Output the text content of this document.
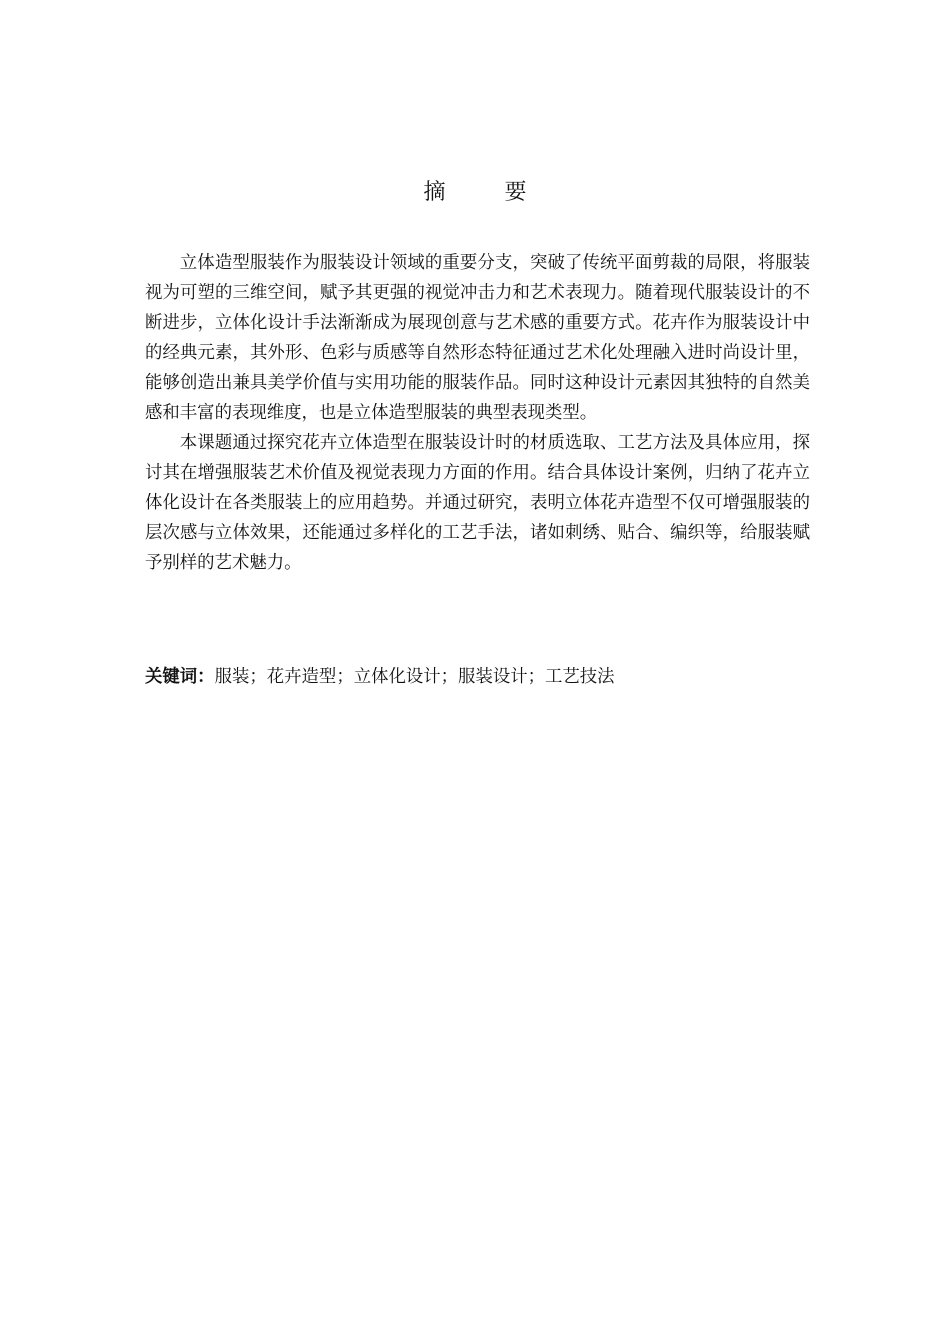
摘 要

立体造型服装作为服装设计领域的重要分支，突破了传统平面剪裁的局限，将服装视为可塑的三维空间，赋予其更强的视觉冲击力和艺术表现力。随着现代服装设计的不断进步，立体化设计手法渐渐成为展现创意与艺术感的重要方式。花卉作为服装设计中的经典元素，其外形、色彩与质感等自然形态特征通过艺术化处理融入进时尚设计里，能够创造出兼具美学价值与实用功能的服装作品。同时这种设计元素因其独特的自然美感和丰富的表现维度，也是立体造型服装的典型表现类型。

本课题通过探究花卉立体造型在服装设计时的材质选取、工艺方法及具体应用，探讨其在增强服装艺术价值及视觉表现力方面的作用。结合具体设计案例，归纳了花卉立体化设计在各类服装上的应用趋势。并通过研究，表明立体花卉造型不仅可增强服装的层次感与立体效果，还能通过多样化的工艺手法，诸如刺绣、贴合、编织等，给服装赋予别样的艺术魅力。

关键词：服装；花卉造型；立体化设计；服装设计；工艺技法
